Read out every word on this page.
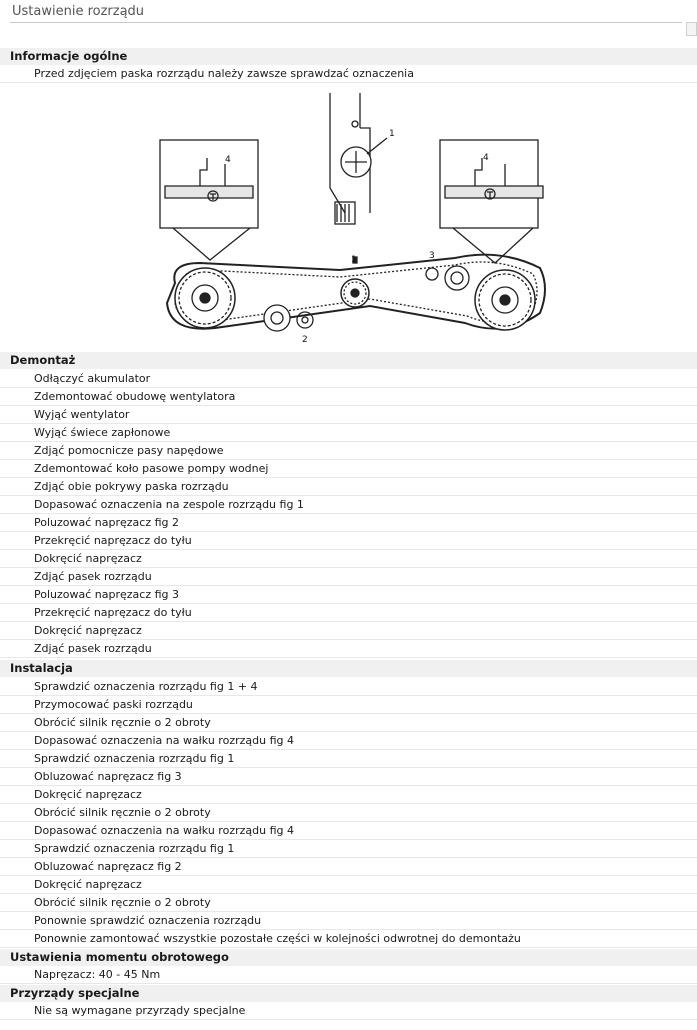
Ustawienie rozrządu
Informacje ogólne
Przed zdjęciem paska rozrządu należy zawsze sprawdzać oznaczenia
4
1
4
1	3
2
Demontaż
Odłączyć akumulator
Zdemontować obudowę wentylatora
Wyjąć wentylator
Wyjąć świece zapłonowe
Zdjąć pomocnicze pasy napędowe
Zdemontować koło pasowe pompy wodnej
Zdjąć obie pokrywy paska rozrządu
Dopasować oznaczenia na zespole rozrządu fig 1
Poluzować napręzacz fig 2
Przekręcić napręzacz do tyłu
Dokręcić napręzacz
Zdjąć pasek rozrządu
Poluzować napręzacz fig 3
Przekręcić napręzacz do tyłu
Dokręcić napręzacz
Zdjąć pasek rozrządu
Instalacja
Sprawdzić oznaczenia rozrządu fig 1 + 4
Przymocować paski rozrządu
Obrócić silnik ręcznie o 2 obroty
Dopasować oznaczenia na wałku rozrządu fig 4
Sprawdzić oznaczenia rozrządu fig 1
Obluzować napręzacz fig 3
Dokręcić napręzacz
Obrócić silnik ręcznie o 2 obroty
Dopasować oznaczenia na wałku rozrządu fig 4
Sprawdzić oznaczenia rozrządu fig 1
Obluzować napręzacz fig 2
Dokręcić napręzacz
Obrócić silnik ręcznie o 2 obroty
Ponownie sprawdzić oznaczenia rozrządu
Ponownie zamontować wszystkie pozostałe części w kolejności odwrotnej do demontażu
Ustawienia momentu obrotowego
Napręzacz: 40 - 45 Nm
Przyrządy specjalne
Nie są wymagane przyrządy specjalne
